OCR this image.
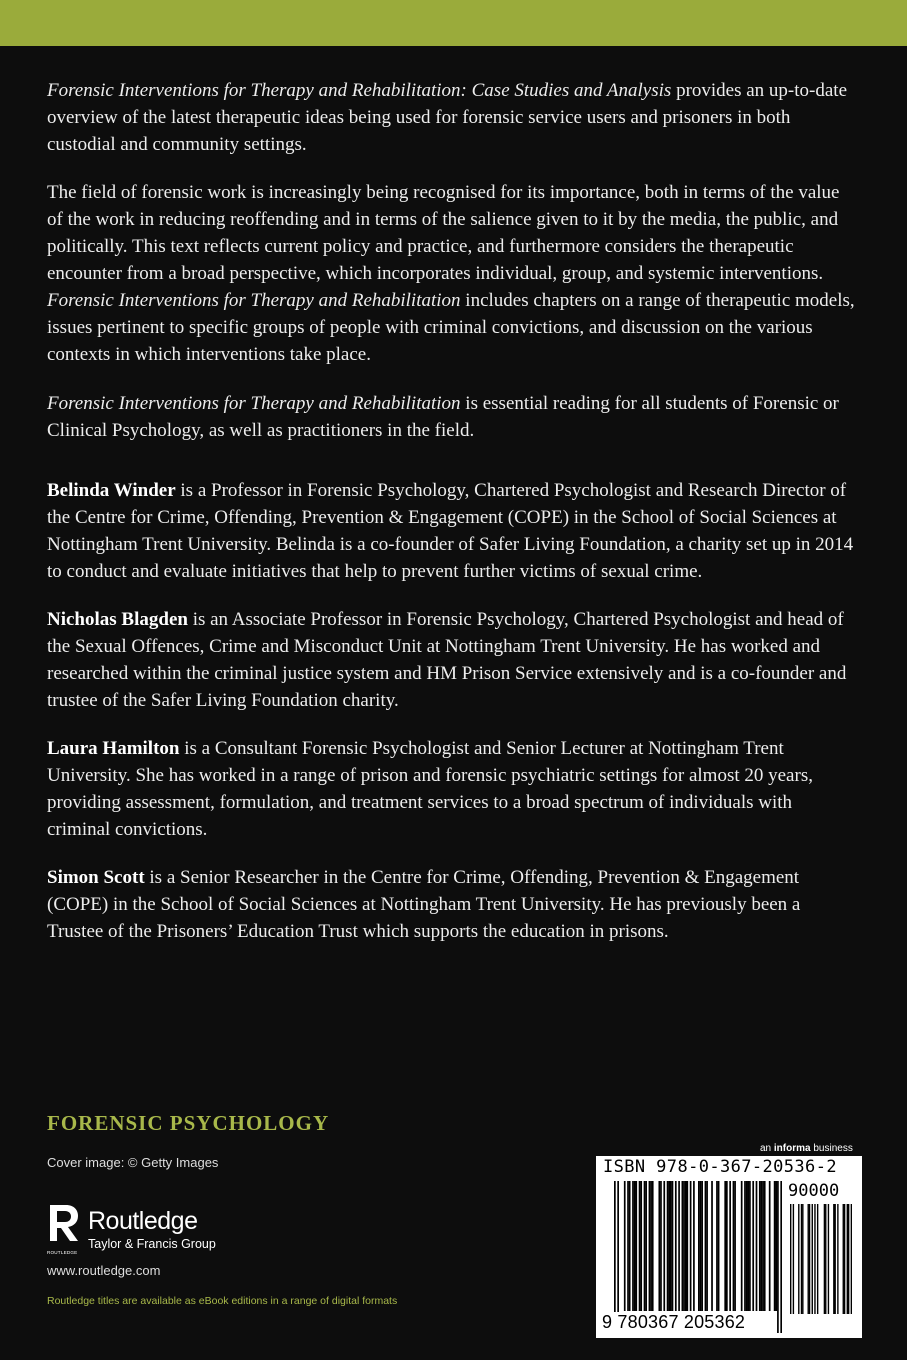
Forensic Interventions for Therapy and Rehabilitation: Case Studies and Analysis provides an up-to-date overview of the latest therapeutic ideas being used for forensic service users and prisoners in both custodial and community settings.

The field of forensic work is increasingly being recognised for its importance, both in terms of the value of the work in reducing reoffending and in terms of the salience given to it by the media, the public, and politically. This text reflects current policy and practice, and furthermore considers the therapeutic encounter from a broad perspective, which incorporates individual, group, and systemic interventions. Forensic Interventions for Therapy and Rehabilitation includes chapters on a range of therapeutic models, issues pertinent to specific groups of people with criminal convictions, and discussion on the various contexts in which interventions take place.

Forensic Interventions for Therapy and Rehabilitation is essential reading for all students of Forensic or Clinical Psychology, as well as practitioners in the field.

Belinda Winder is a Professor in Forensic Psychology, Chartered Psychologist and Research Director of the Centre for Crime, Offending, Prevention & Engagement (COPE) in the School of Social Sciences at Nottingham Trent University. Belinda is a co-founder of Safer Living Foundation, a charity set up in 2014 to conduct and evaluate initiatives that help to prevent further victims of sexual crime.

Nicholas Blagden is an Associate Professor in Forensic Psychology, Chartered Psychologist and head of the Sexual Offences, Crime and Misconduct Unit at Nottingham Trent University. He has worked and researched within the criminal justice system and HM Prison Service extensively and is a co-founder and trustee of the Safer Living Foundation charity.

Laura Hamilton is a Consultant Forensic Psychologist and Senior Lecturer at Nottingham Trent University. She has worked in a range of prison and forensic psychiatric settings for almost 20 years, providing assessment, formulation, and treatment services to a broad spectrum of individuals with criminal convictions.

Simon Scott is a Senior Researcher in the Centre for Crime, Offending, Prevention & Engagement (COPE) in the School of Social Sciences at Nottingham Trent University. He has previously been a Trustee of the Prisoners’ Education Trust which supports the education in prisons.

FORENSIC PSYCHOLOGY
Cover image: © Getty Images
ROUTLEDGE
Routledge
Taylor & Francis Group
www.routledge.com
Routledge titles are available as eBook editions in a range of digital formats
an informa business
ISBN 978-0-367-20536-2
90000
9 780367 205362
